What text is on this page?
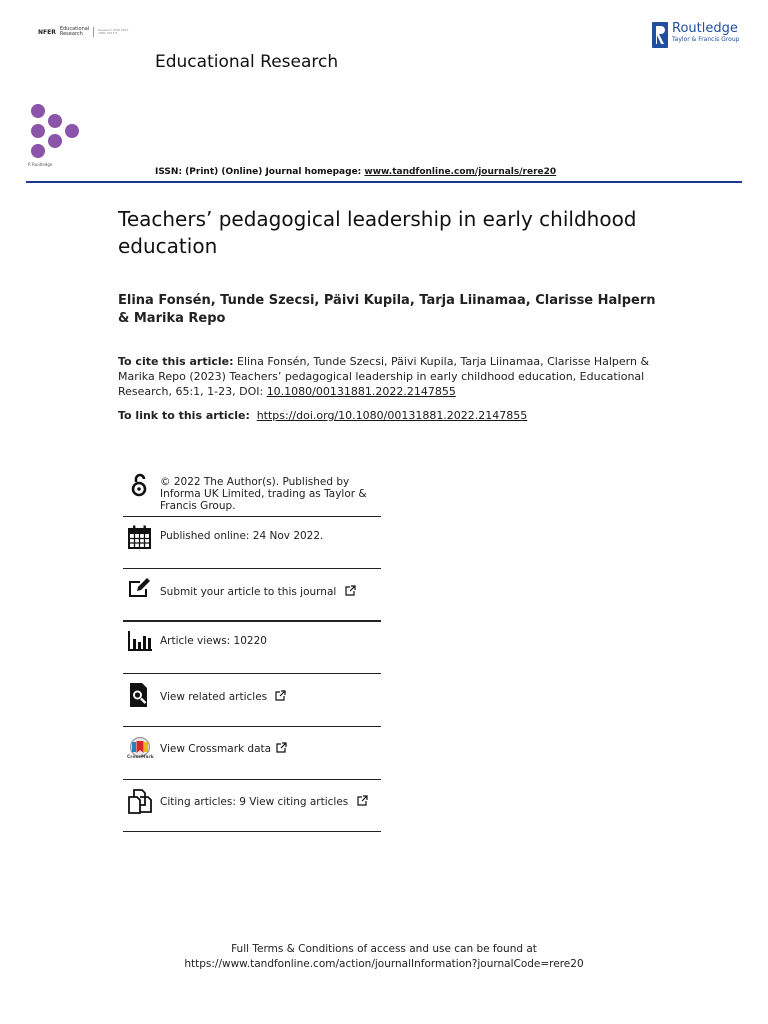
NFER Educational
Research
Research ISSN 0013
1881 0013 8
Educational Research
Routledge
Taylor & Francis Group
R Routledge
ISSN: (Print) (Online) Journal homepage: www.tandfonline.com/journals/rere20
Teachers’ pedagogical leadership in early childhood education
Elina Fonsén, Tunde Szecsi, Päivi Kupila, Tarja Liinamaa, Clarisse Halpern & Marika Repo
To cite this article: Elina Fonsén, Tunde Szecsi, Päivi Kupila, Tarja Liinamaa, Clarisse Halpern & Marika Repo (2023) Teachers’ pedagogical leadership in early childhood education, Educational Research, 65:1, 1-23, DOI: 10.1080/00131881.2022.2147855
To link to this article: https://doi.org/10.1080/00131881.2022.2147855
© 2022 The Author(s). Published by Informa UK Limited, trading as Taylor & Francis Group.
Published online: 24 Nov 2022.
Submit your article to this journal
Article views: 10220
View related articles
CrossMark
View Crossmark data
Citing articles: 9 View citing articles
Full Terms & Conditions of access and use can be found at
https://www.tandfonline.com/action/journalInformation?journalCode=rere20
